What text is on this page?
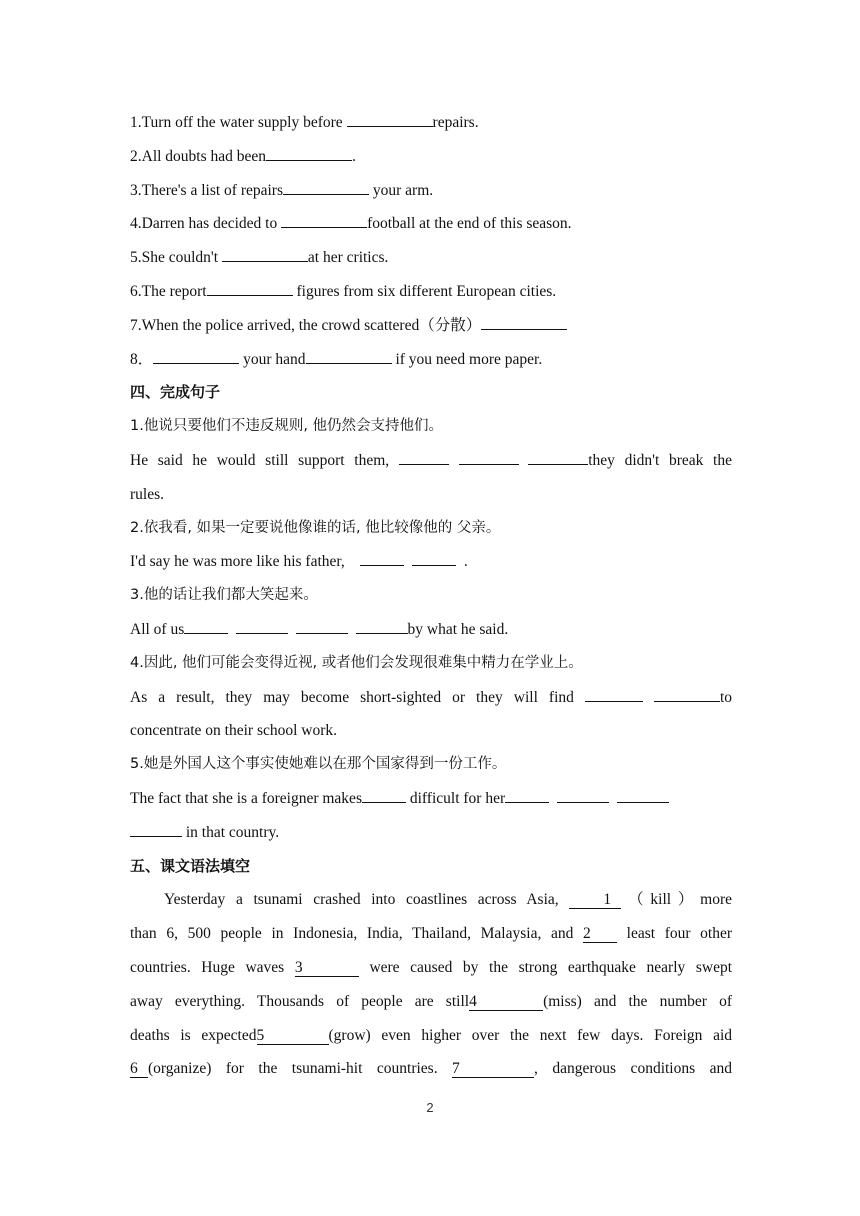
1.Turn off the water supply before	repairs.
2.All doubts had been	.
3.There's a list of repairs	your arm.
4.Darren has decided to	football at the end of this season.
5.She couldn't	at her critics.
6.The report	figures from six different European cities.
7.When the police arrived, the crowd scattered（分散）
8．	your hand	if you need more paper.
四、完成句子
1.他说只要他们不违反规则, 他仍然会支持他们。
He said he would still support them,	they didn't break the
rules.
2.依我看, 如果一定要说他像谁的话, 他比较像他的 父亲。
I'd say he was more like his father,	.
3.他的话让我们都大笑起来。
All of us	by what he said.
4.因此, 他们可能会变得近视, 或者他们会发现很难集中精力在学业上。
As a result, they may become short-sighted or they will find	to
concentrate on their school work.
5.她是外国人这个事实使她难以在那个国家得到一份工作。
The fact that she is a foreigner makes	difficult for her
in that country.
五、课文语法填空
Yesterday a tsunami crashed into coastlines across Asia,	1 （kill）more
than 6, 500 people in Indonesia, India, Thailand, Malaysia, and 2 least four other
countries. Huge waves 3	were caused by the strong earthquake nearly swept
away everything. Thousands of people are still4	(miss) and the number of
deaths is expected5	(grow) even higher over the next few days. Foreign aid
6 (organize) for the tsunami-hit countries. 7	, dangerous conditions and
2
